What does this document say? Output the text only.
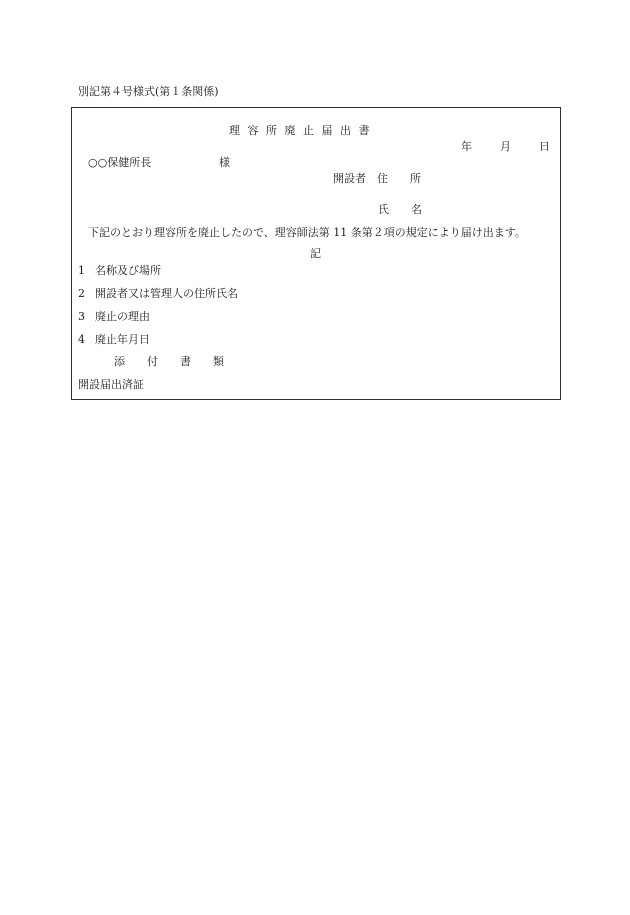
別記第４号様式(第１条関係)
理 容 所 廃 止 届 出 書
年　　月　　日
○○保健所長	様
開設者　住　　所
氏　　名
下記のとおり理容所を廃止したので、理容師法第 11 条第２項の規定により届け出ます。
記
1 名称及び場所
2 開設者又は管理人の住所氏名
3 廃止の理由
4 廃止年月日
添　　付　　書　　類
開設届出済証
